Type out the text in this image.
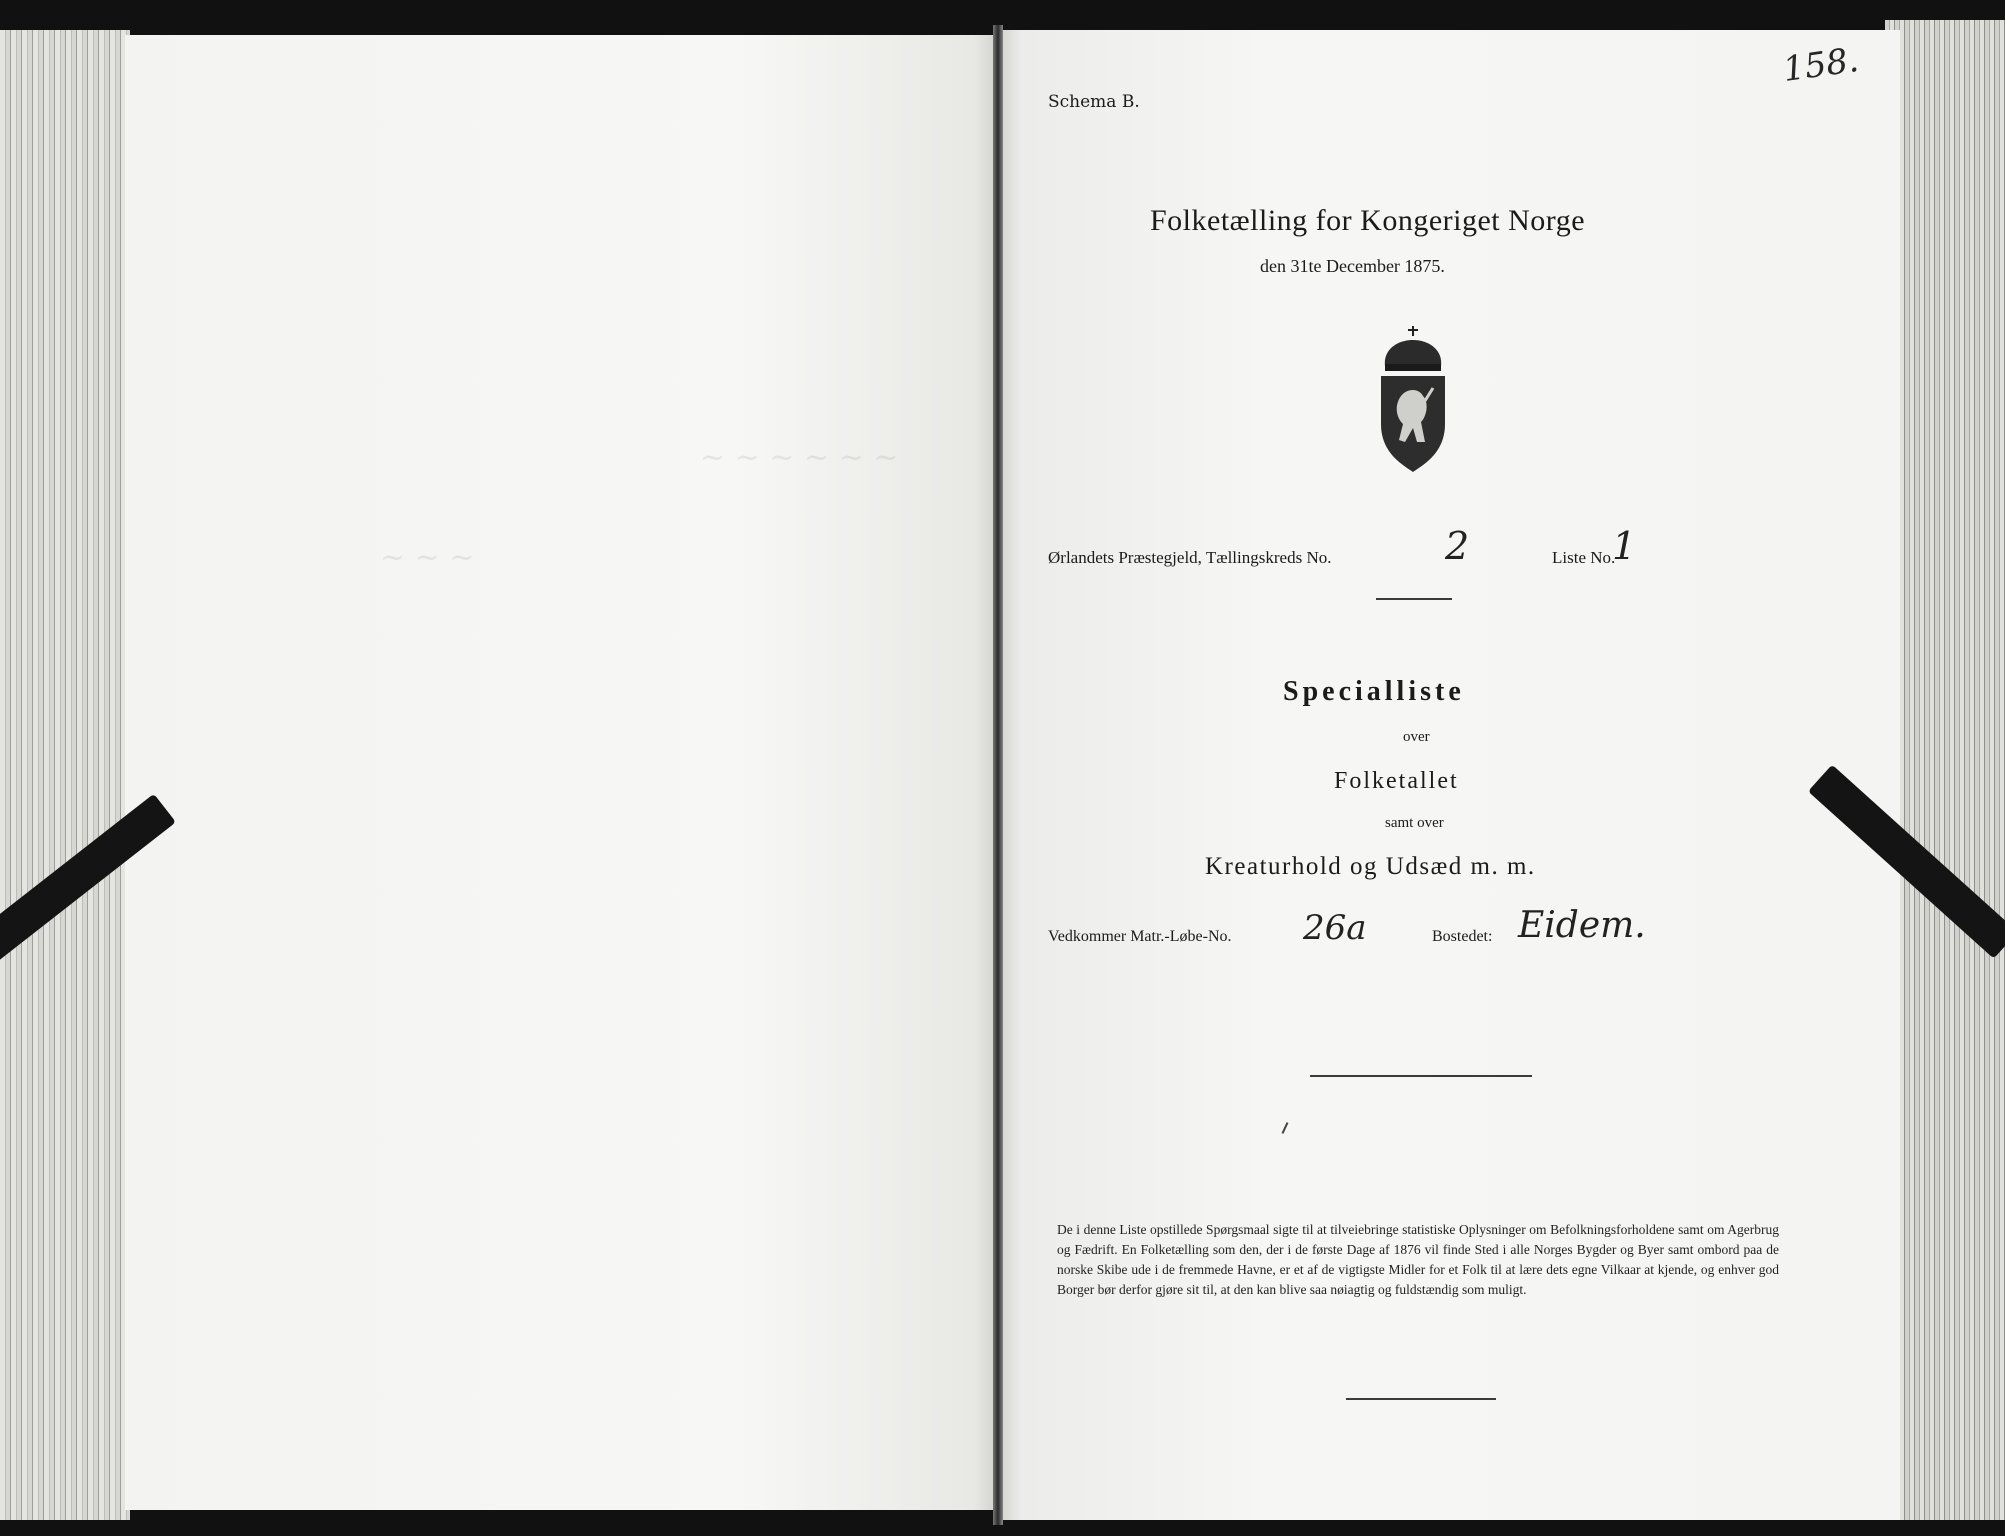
~ ~ ~ ~ ~ ~
~ ~ ~
158.
Schema B.
Folketælling for Kongeriget Norge
den 31te December 1875.
Ørlandets Præstegjeld, Tællingskreds No.	2	Liste No.
1
Specialliste
over
Folketallet
samt over
Kreaturhold og Udsæd m. m.
Vedkommer Matr.-Løbe-No. 26a	Bostedet: Eidem.
De i denne Liste opstillede Spørgsmaal sigte til at tilveiebringe statistiske Oplysninger om Befolkningsforholdene samt om Agerbrug og Fædrift. En Folketælling som den, der i de første Dage af 1876 vil finde Sted i alle Norges Bygder og Byer samt ombord paa de norske Skibe ude i de fremmede Havne, er et af de vigtigste Midler for et Folk til at lære dets egne Vilkaar at kjende, og enhver god Borger bør derfor gjøre sit til, at den kan blive saa nøiagtig og fuldstændig som muligt.
